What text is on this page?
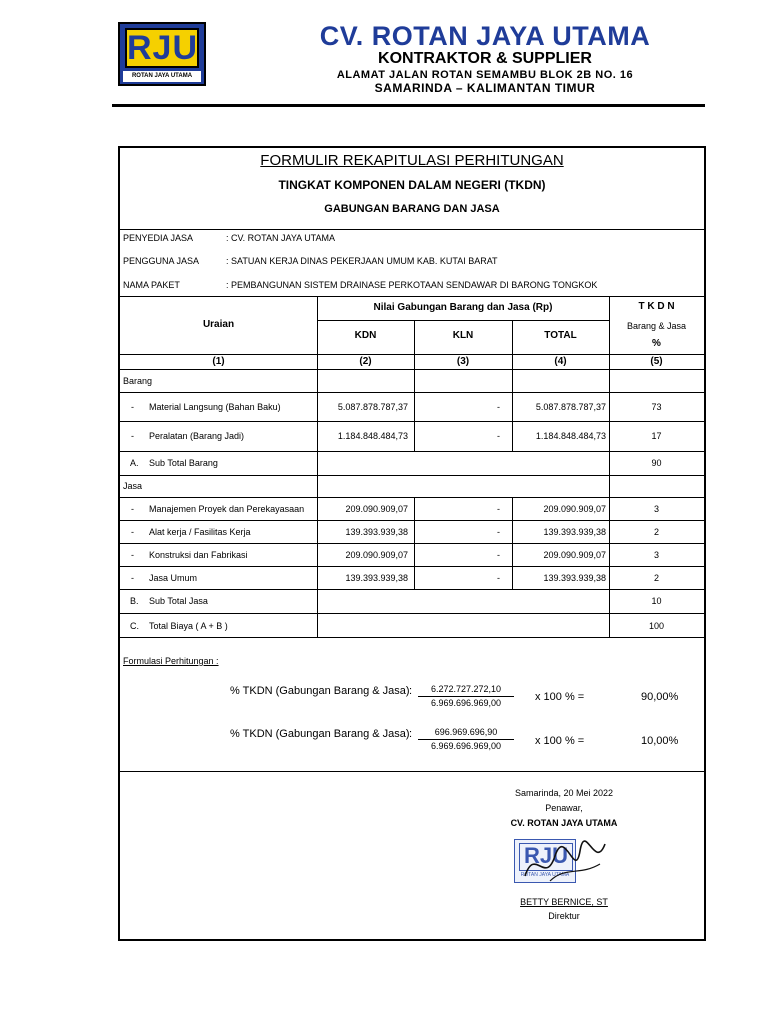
RJU
ROTAN JAYA UTAMA
CV. ROTAN JAYA UTAMA
KONTRAKTOR & SUPPLIER
ALAMAT JALAN ROTAN SEMAMBU BLOK 2B NO. 16
SAMARINDA – KALIMANTAN TIMUR
FORMULIR REKAPITULASI PERHITUNGAN
TINGKAT KOMPONEN DALAM NEGERI (TKDN)
GABUNGAN BARANG DAN JASA
PENYEDIA JASA	: CV. ROTAN JAYA UTAMA
PENGGUNA JASA	: SATUAN KERJA DINAS PEKERJAAN UMUM KAB. KUTAI BARAT
NAMA PAKET	: PEMBANGUNAN SISTEM DRAINASE PERKOTAAN SENDAWAR DI BARONG TONGKOK
Uraian
Nilai Gabungan Barang dan Jasa (Rp)
KDN	KLN	TOTAL
T K D N
Barang & Jasa
%
(1)	(2)	(3)	(4)	(5)
Barang
- Material Langsung (Bahan Baku)	5.087.878.787,37	-	5.087.878.787,37	73
- Peralatan (Barang Jadi)	1.184.848.484,73	-	1.184.848.484,73	17
A. Sub Total Barang	90
Jasa
- Manajemen Proyek dan Perekayasaan	209.090.909,07	-	209.090.909,07	3
- Alat kerja / Fasilitas Kerja	139.393.939,38	-	139.393.939,38	2
- Konstruksi dan Fabrikasi	209.090.909,07	-	209.090.909,07	3
- Jasa Umum	139.393.939,38	-	139.393.939,38	2
B. Sub Total Jasa	10
C. Total Biaya ( A + B )	100
Formulasi Perhitungan :
% TKDN (Gabungan Barang & Jasa) :	6.272.727.272,10
6.969.696.969,00	x 100 % =	90,00%
% TKDN (Gabungan Barang & Jasa) :	696.969.696,90
6.969.696.969,00	x 100 % =	10,00%
Samarinda, 20 Mei 2022
Penawar,
CV. ROTAN JAYA UTAMA
RJU
ROTAN JAYA UTAMA
BETTY BERNICE, ST
Direktur
